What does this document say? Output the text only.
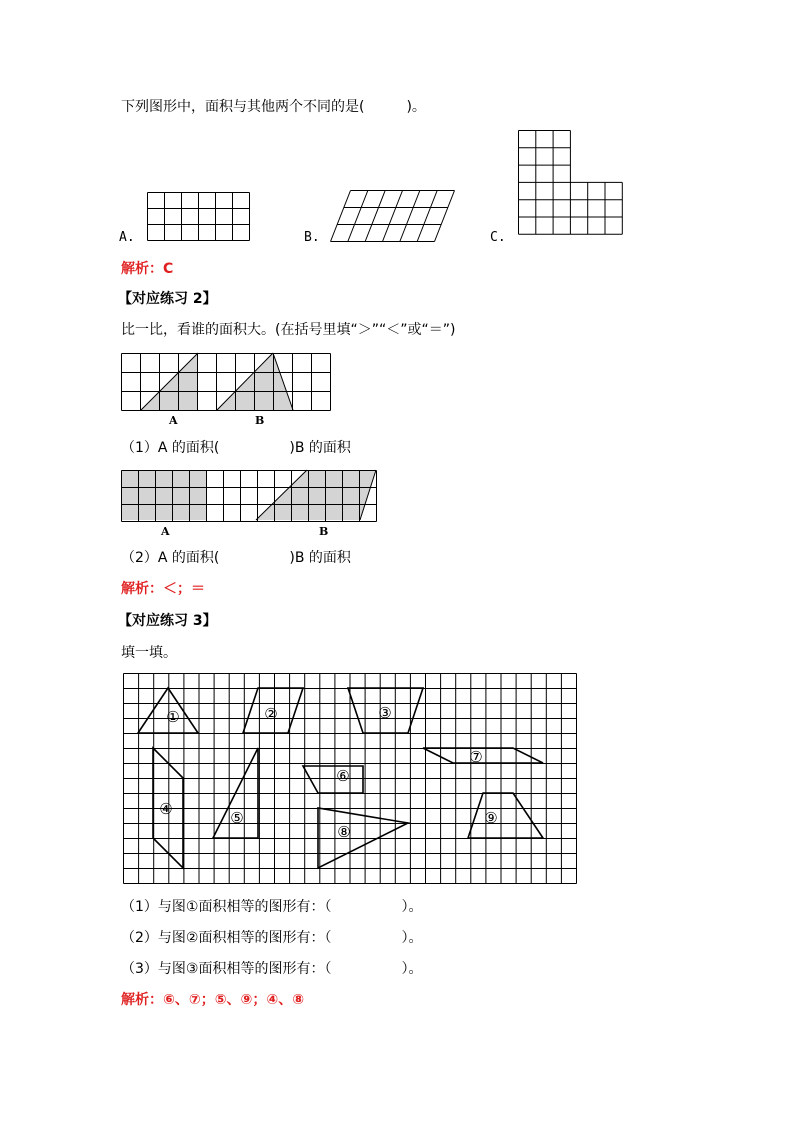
下列图形中，面积与其他两个不同的是(　　　)。
A.	B.	C.
解析：C
【对应练习 2】
比一比，看谁的面积大。(在括号里填“＞”“＜”或“＝”)
A	B
（1）A 的面积(　　　　　)B 的面积
A	B
（2）A 的面积(　　　　　)B 的面积
解析：＜；＝
【对应练习 3】
填一填。
①	②	③
④	⑤
⑥
⑦
⑧
⑨
（1）与图①面积相等的图形有：（　　　　　）。
（2）与图②面积相等的图形有：（　　　　　）。
（3）与图③面积相等的图形有：（　　　　　）。
解析：⑥、⑦；⑤、⑨；④、⑧
